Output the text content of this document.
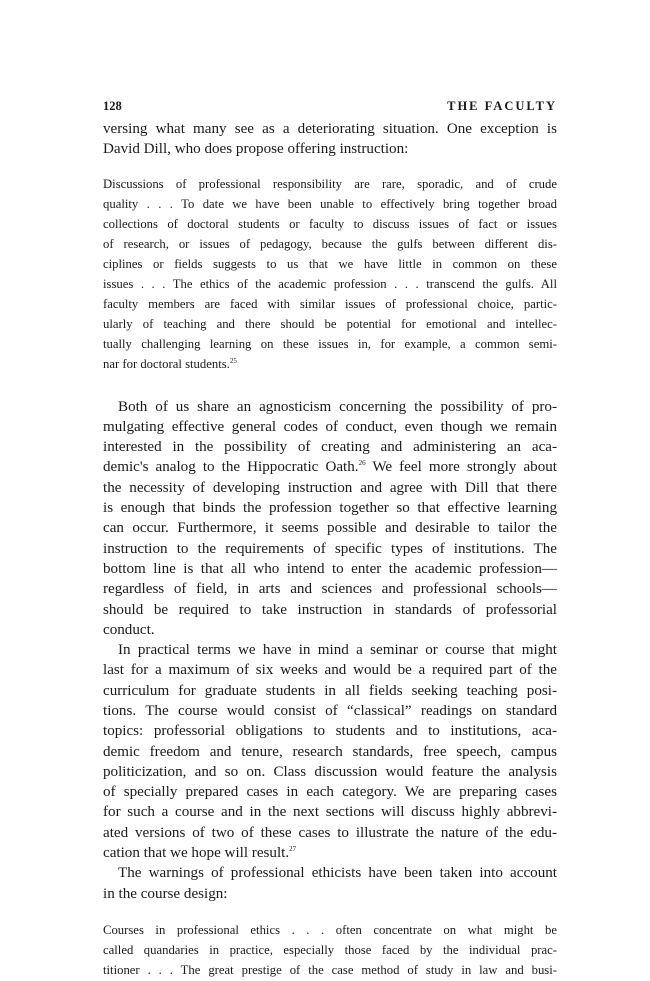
128	THE FACULTY
versing what many see as a deteriorating situation. One exception is
David Dill, who does propose offering instruction:
Discussions of professional responsibility are rare, sporadic, and of crude
quality . . . To date we have been unable to effectively bring together broad
collections of doctoral students or faculty to discuss issues of fact or issues
of research, or issues of pedagogy, because the gulfs between different dis-
ciplines or fields suggests to us that we have little in common on these
issues . . . The ethics of the academic profession . . . transcend the gulfs. All
faculty members are faced with similar issues of professional choice, partic-
ularly of teaching and there should be potential for emotional and intellec-
tually challenging learning on these issues in, for example, a common semi-
nar for doctoral students.$^{25}$
Both of us share an agnosticism concerning the possibility of pro-
mulgating effective general codes of conduct, even though we remain
interested in the possibility of creating and administering an aca-
demic's analog to the Hippocratic Oath.$^{26}$ We feel more strongly about
the necessity of developing instruction and agree with Dill that there
is enough that binds the profession together so that effective learning
can occur. Furthermore, it seems possible and desirable to tailor the
instruction to the requirements of specific types of institutions. The
bottom line is that all who intend to enter the academic profession—
regardless of field, in arts and sciences and professional schools—
should be required to take instruction in standards of professorial
conduct.
In practical terms we have in mind a seminar or course that might
last for a maximum of six weeks and would be a required part of the
curriculum for graduate students in all fields seeking teaching posi-
tions. The course would consist of “classical” readings on standard
topics: professorial obligations to students and to institutions, aca-
demic freedom and tenure, research standards, free speech, campus
politicization, and so on. Class discussion would feature the analysis
of specially prepared cases in each category. We are preparing cases
for such a course and in the next sections will discuss highly abbrevi-
ated versions of two of these cases to illustrate the nature of the edu-
cation that we hope will result.$^{27}$
The warnings of professional ethicists have been taken into account
in the course design:
Courses in professional ethics . . . often concentrate on what might be
called quandaries in practice, especially those faced by the individual prac-
titioner . . . The great prestige of the case method of study in law and busi-
